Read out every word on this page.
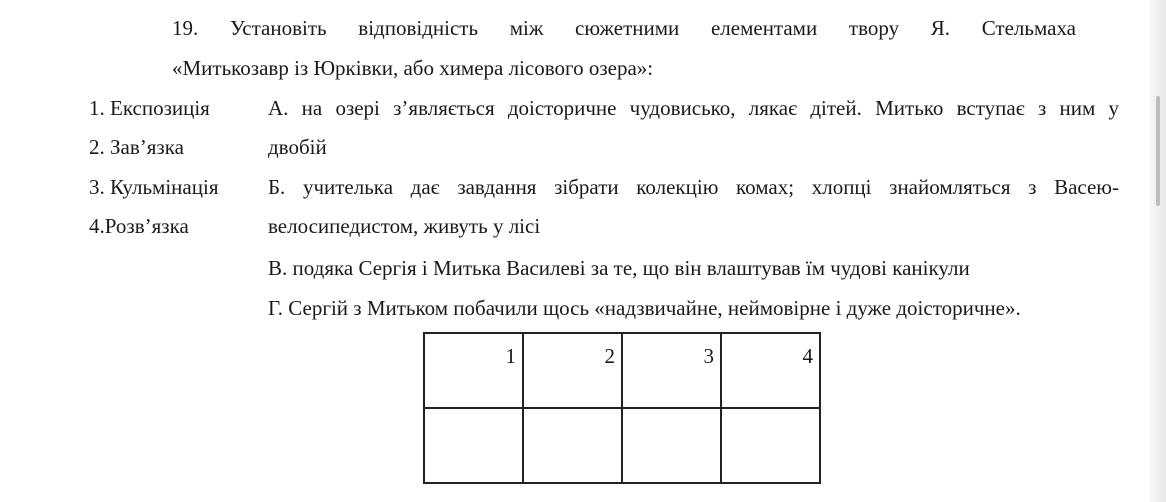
19. Установіть відповідність між сюжетними елементами твору Я. Стельмаха
«Митькозавр із Юрківки, або химера лісового озера»:
1. Експозиція
2. Зав’язка
3. Кульмінація
4.Розв’язка
А. на озері з’являється доісторичне чудовисько, лякає дітей. Митько вступає з ним у
двобій
Б. учителька дає завдання зібрати колекцію комах; хлопці знайомляться з Васею-
велосипедистом, живуть у лісі
В. подяка Сергія і Митька Василеві за те, що він влаштував їм чудові канікули
Г. Сергій з Митьком побачили щось «надзвичайне, неймовірне і дуже доісторичне».
1	2	3	4
